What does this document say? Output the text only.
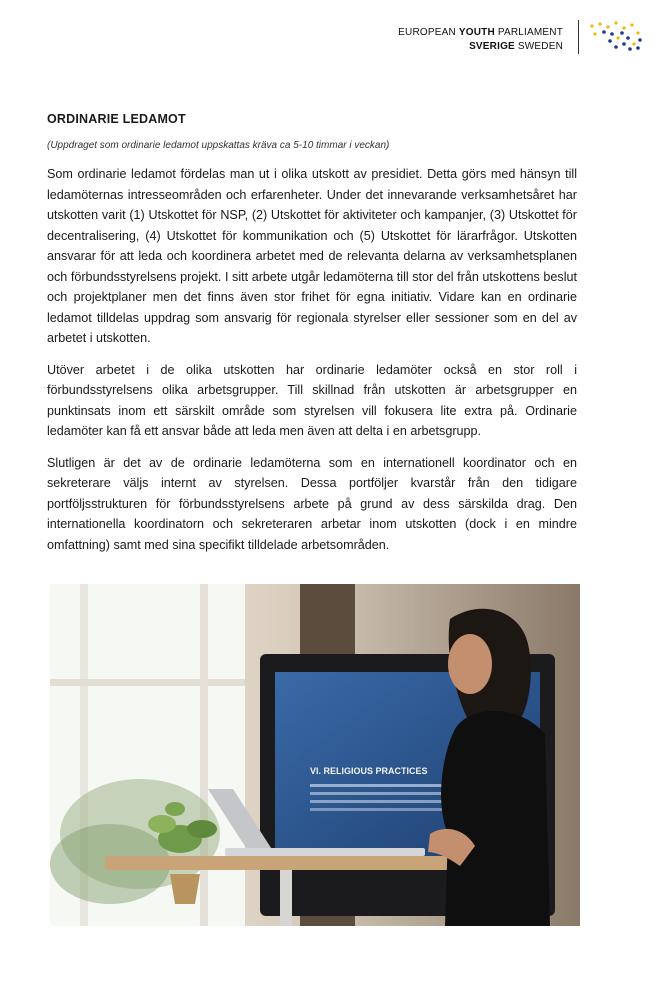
EUROPEAN YOUTH PARLIAMENT
SVERIGE SWEDEN
ORDINARIE LEDAMOT
(Uppdraget som ordinarie ledamot uppskattas kräva ca 5-10 timmar i veckan)

Som ordinarie ledamot fördelas man ut i olika utskott av presidiet. Detta görs med hänsyn till ledamöternas intresseområden och erfarenheter. Under det innevarande verksamhetsåret har utskotten varit (1) Utskottet för NSP, (2) Utskottet för aktiviteter och kampanjer, (3) Utskottet för decentralisering, (4) Utskottet för kommunikation och (5) Utskottet för lärarfrågor. Utskotten ansvarar för att leda och koordinera arbetet med de relevanta delarna av verksamhetsplanen och förbundsstyrelsens projekt. I sitt arbete utgår ledamöterna till stor del från utskottens beslut och projektplaner men det finns även stor frihet för egna initiativ. Vidare kan en ordinarie ledamot tilldelas uppdrag som ansvarig för regionala styrelser eller sessioner som en del av arbetet i utskotten.

Utöver arbetet i de olika utskotten har ordinarie ledamöter också en stor roll i förbundsstyrelsens olika arbetsgrupper. Till skillnad från utskotten är arbetsgrupper en punktinsats inom ett särskilt område som styrelsen vill fokusera lite extra på. Ordinarie ledamöter kan få ett ansvar både att leda men även att delta i en arbetsgrupp.

Slutligen är det av de ordinarie ledamöterna som en internationell koordinator och en sekreterare väljs internt av styrelsen. Dessa portföljer kvarstår från den tidigare portföljsstrukturen för förbundsstyrelsens arbete på grund av dess särskilda drag. Den internationella koordinatorn och sekreteraren arbetar inom utskotten (dock i en mindre omfattning) samt med sina specifikt tilldelade arbetsområden.

VI. RELIGIOUS PRACTICES
